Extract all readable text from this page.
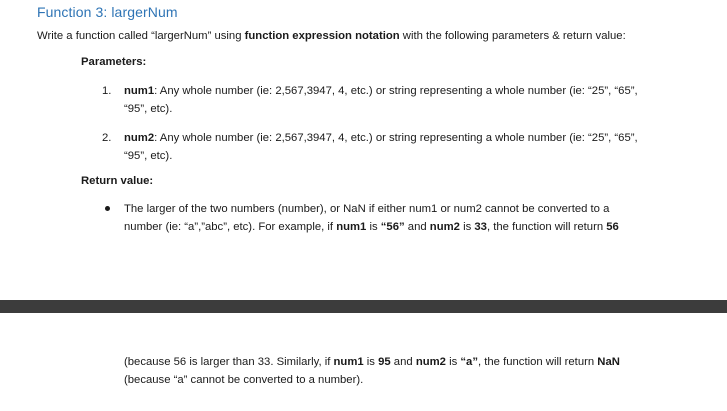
Function 3: largerNum
Write a function called “largerNum” using function expression notation with the following parameters & return value:
Parameters:
1. num1: Any whole number (ie: 2,567,3947, 4, etc.) or string representing a whole number (ie: “25”, “65”,
“95”, etc).
2. num2: Any whole number (ie: 2,567,3947, 4, etc.) or string representing a whole number (ie: “25”, “65”,
“95”, etc).
Return value:
The larger of the two numbers (number), or NaN if either num1 or num2 cannot be converted to a
number (ie: “a”,”abc”, etc). For example, if num1 is “56” and num2 is 33, the function will return 56
(because 56 is larger than 33. Similarly, if num1 is 95 and num2 is “a”, the function will return NaN
(because “a” cannot be converted to a number).
